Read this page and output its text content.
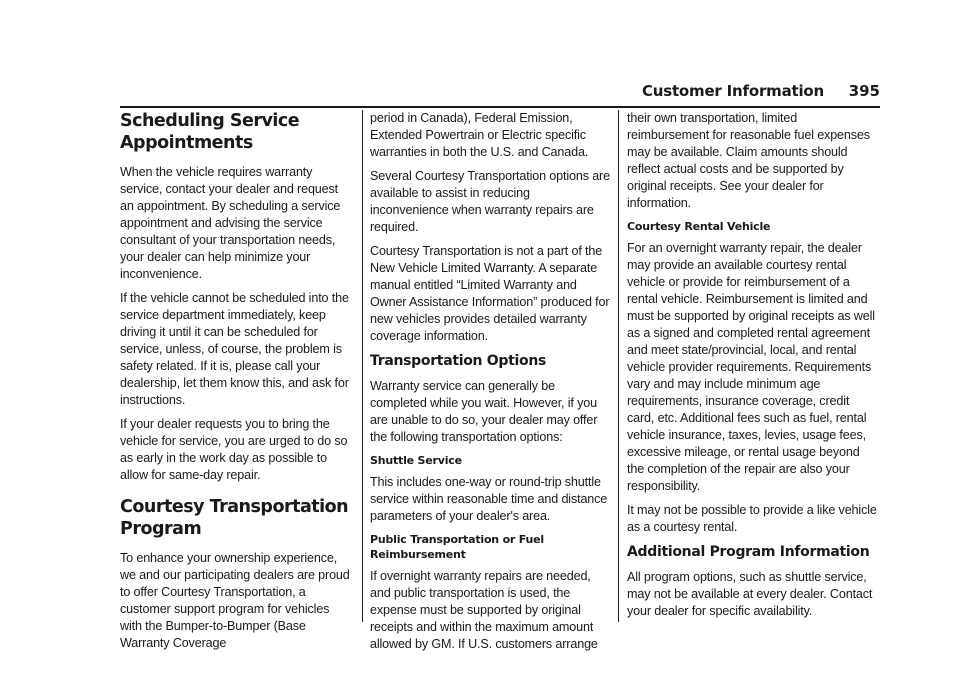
Customer Information 395
Scheduling Service Appointments

When the vehicle requires warranty service, contact your dealer and request an appointment. By scheduling a service appointment and advising the service consultant of your transportation needs, your dealer can help minimize your inconvenience.

If the vehicle cannot be scheduled into the service department immediately, keep driving it until it can be scheduled for service, unless, of course, the problem is safety related. If it is, please call your dealership, let them know this, and ask for instructions.

If your dealer requests you to bring the vehicle for service, you are urged to do so as early in the work day as possible to allow for same-day repair.

Courtesy Transportation Program

To enhance your ownership experience, we and our participating dealers are proud to offer Courtesy Transportation, a customer support program for vehicles with the Bumper-to-Bumper (Base Warranty Coverage

period in Canada), Federal Emission, Extended Powertrain or Electric specific warranties in both the U.S. and Canada.

Several Courtesy Transportation options are available to assist in reducing inconvenience when warranty repairs are required.

Courtesy Transportation is not a part of the New Vehicle Limited Warranty. A separate manual entitled “Limited Warranty and Owner Assistance Information” produced for new vehicles provides detailed warranty coverage information.

Transportation Options

Warranty service can generally be completed while you wait. However, if you are unable to do so, your dealer may offer the following transportation options:

Shuttle Service

This includes one-way or round-trip shuttle service within reasonable time and distance parameters of your dealer's area.

Public Transportation or Fuel Reimbursement

If overnight warranty repairs are needed, and public transportation is used, the expense must be supported by original receipts and within the maximum amount allowed by GM. If U.S. customers arrange

their own transportation, limited reimbursement for reasonable fuel expenses may be available. Claim amounts should reflect actual costs and be supported by original receipts. See your dealer for information.

Courtesy Rental Vehicle

For an overnight warranty repair, the dealer may provide an available courtesy rental vehicle or provide for reimbursement of a rental vehicle. Reimbursement is limited and must be supported by original receipts as well as a signed and completed rental agreement and meet state/provincial, local, and rental vehicle provider requirements. Requirements vary and may include minimum age requirements, insurance coverage, credit card, etc. Additional fees such as fuel, rental vehicle insurance, taxes, levies, usage fees, excessive mileage, or rental usage beyond the completion of the repair are also your responsibility.

It may not be possible to provide a like vehicle as a courtesy rental.

Additional Program Information

All program options, such as shuttle service, may not be available at every dealer. Contact your dealer for specific availability.
